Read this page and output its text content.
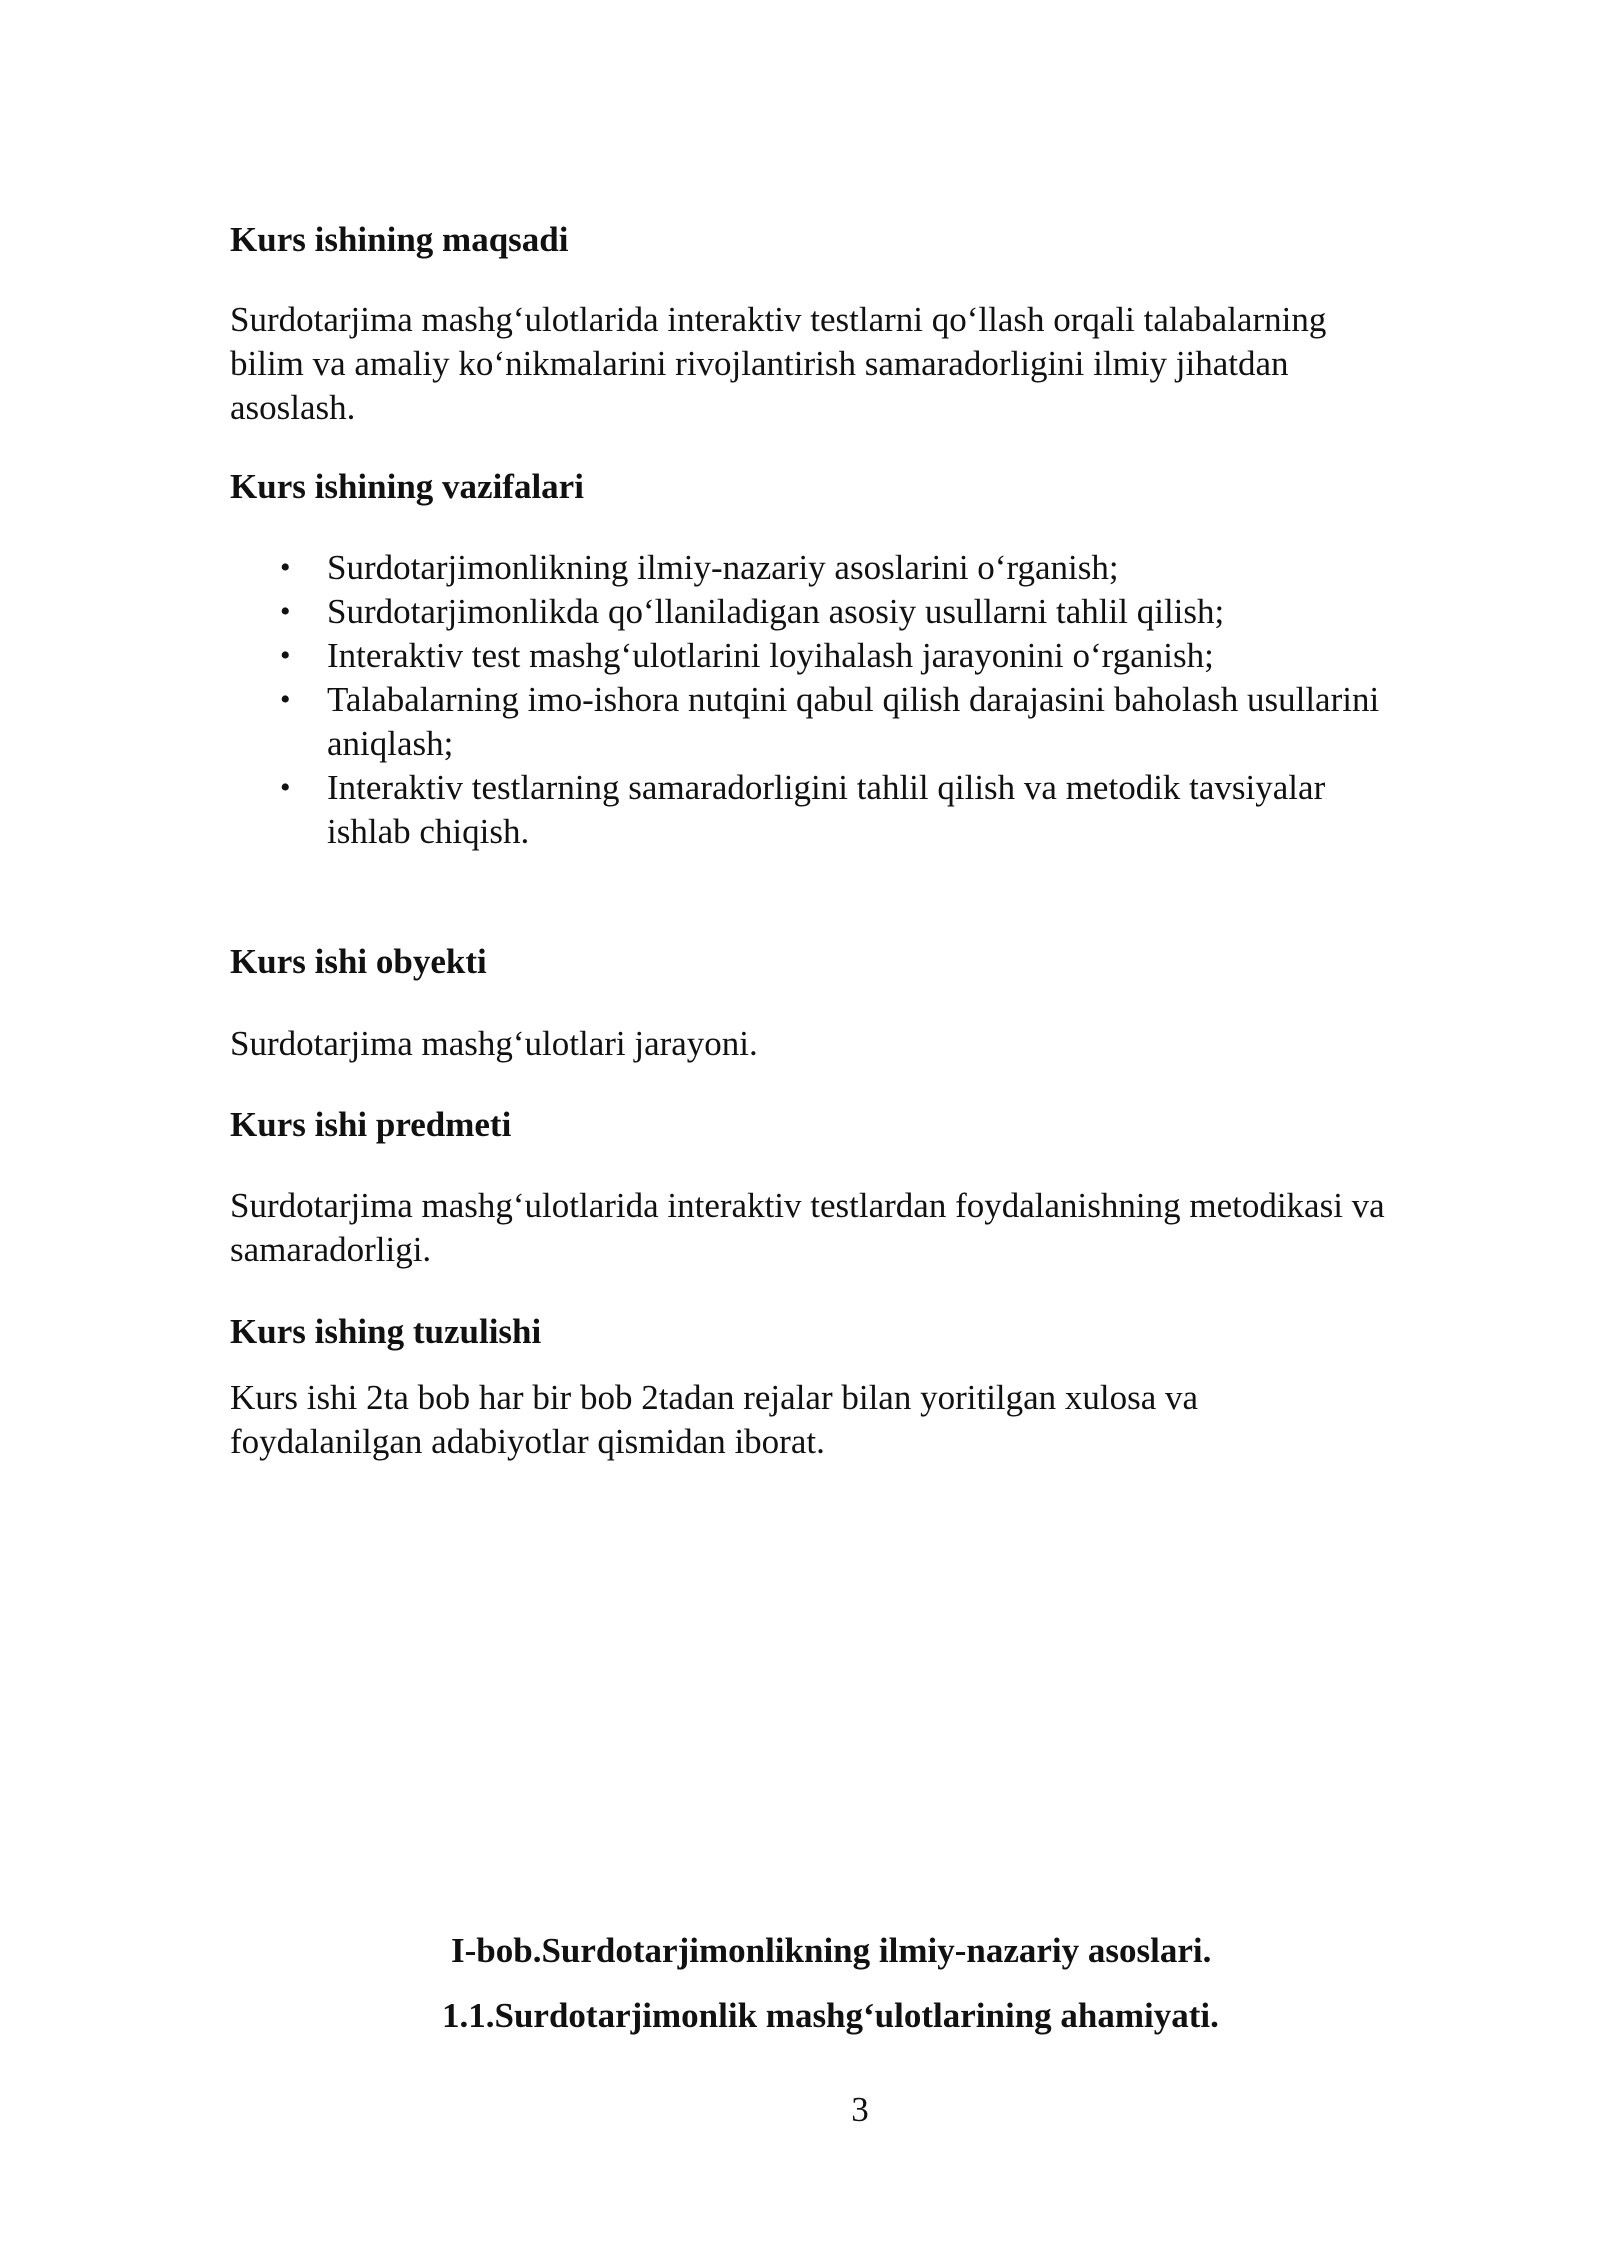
Kurs ishining maqsadi

Surdotarjima mashg‘ulotlarida interaktiv testlarni qo‘llash orqali talabalarning

bilim va amaliy ko‘nikmalarini rivojlantirish samaradorligini ilmiy jihatdan

asoslash.

Kurs ishining vazifalari

• Surdotarjimonlikning ilmiy-nazariy asoslarini o‘rganish;
• Surdotarjimonlikda qo‘llaniladigan asosiy usullarni tahlil qilish;
• Interaktiv test mashg‘ulotlarini loyihalash jarayonini o‘rganish;
• Talabalarning imo-ishora nutqini qabul qilish darajasini baholash usullarini
aniqlash;
• Interaktiv testlarning samaradorligini tahlil qilish va metodik tavsiyalar
ishlab chiqish.

Kurs ishi obyekti

Surdotarjima mashg‘ulotlari jarayoni.

Kurs ishi predmeti

Surdotarjima mashg‘ulotlarida interaktiv testlardan foydalanishning metodikasi va

samaradorligi.

Kurs ishing tuzulishi

Kurs ishi 2ta bob har bir bob 2tadan rejalar bilan yoritilgan xulosa va

foydalanilgan adabiyotlar qismidan iborat.

I-bob.Surdotarjimonlikning ilmiy-nazariy asoslari.

1.1.Surdotarjimonlik mashg‘ulotlarining ahamiyati.

3
